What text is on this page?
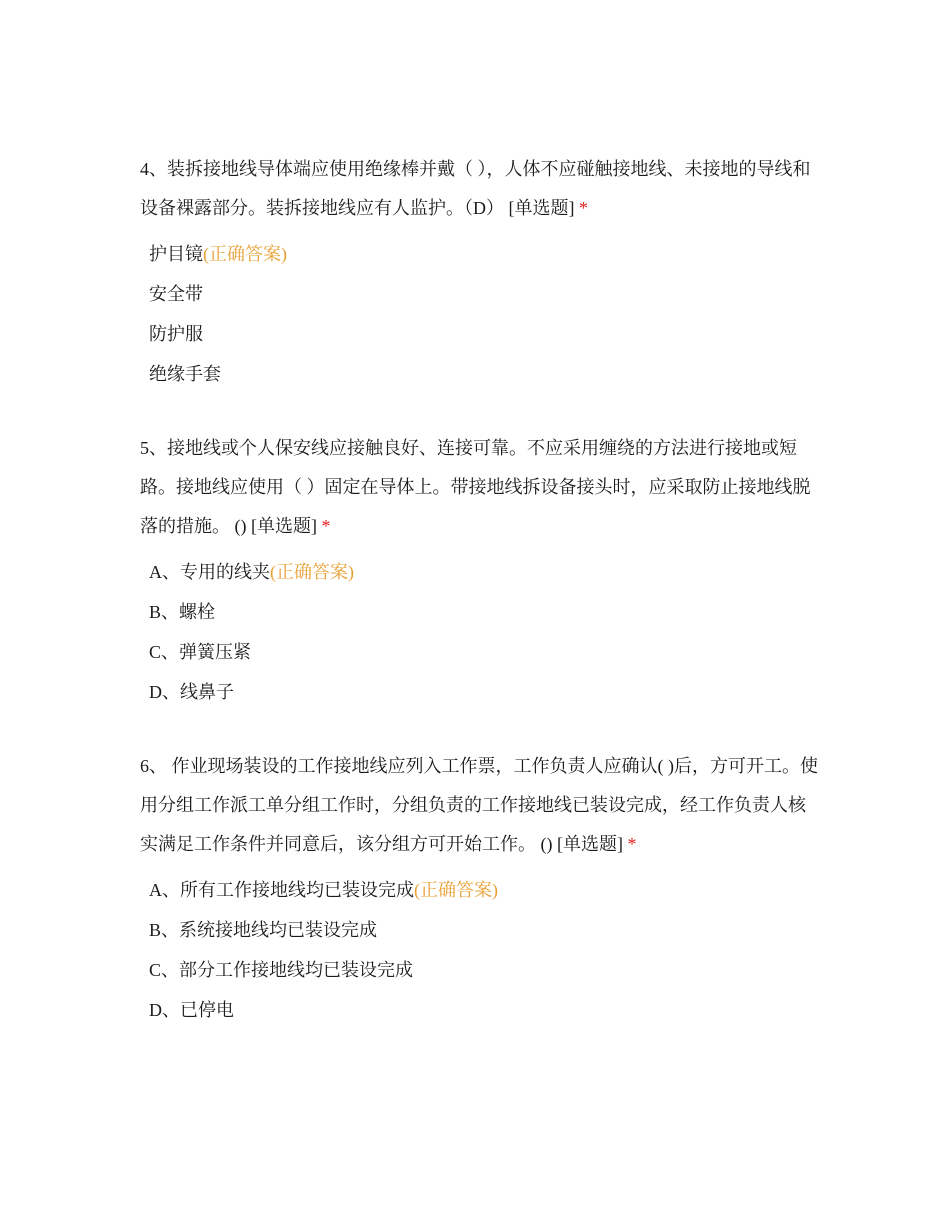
4、装拆接地线导体端应使用绝缘棒并戴（ ），人体不应碰触接地线、未接地的导线和设备裸露部分。装拆接地线应有人监护。（D） [单选题] *

护目镜(正确答案)
安全带
防护服
绝缘手套

5、接地线或个人保安线应接触良好、连接可靠。不应采用缠绕的方法进行接地或短路。接地线应使用（ ）固定在导体上。带接地线拆设备接头时，应采取防止接地线脱落的措施。 () [单选题] *

A、专用的线夹(正确答案)
B、螺栓
C、弹簧压紧
D、线鼻子

6、 作业现场装设的工作接地线应列入工作票，工作负责人应确认( )后，方可开工。使用分组工作派工单分组工作时，分组负责的工作接地线已装设完成，经工作负责人核实满足工作条件并同意后，该分组方可开始工作。 () [单选题] *

A、所有工作接地线均已装设完成(正确答案)
B、系统接地线均已装设完成
C、部分工作接地线均已装设完成
D、已停电
